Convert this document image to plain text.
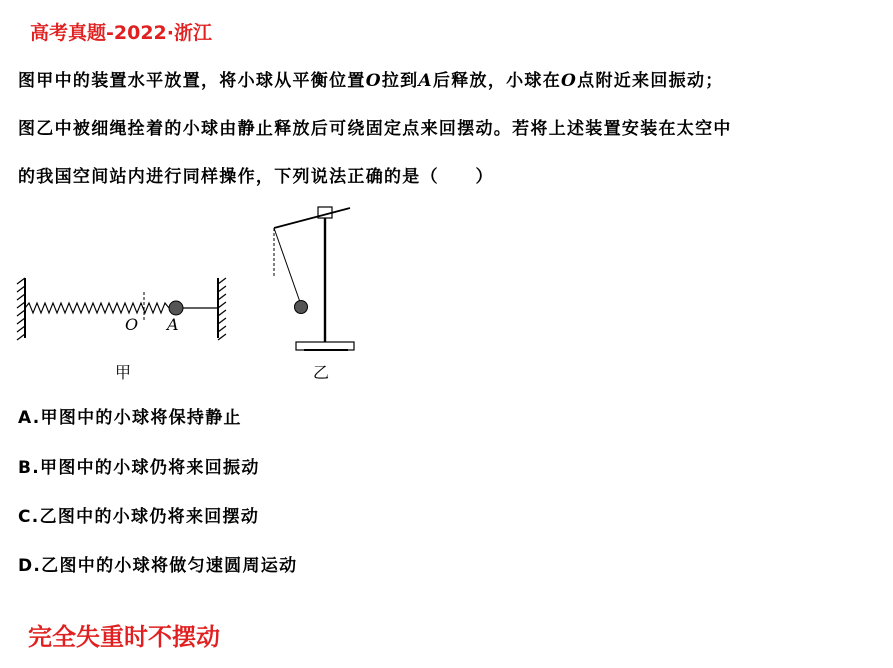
高考真题-2022·浙江
图甲中的装置水平放置，将小球从平衡位置O拉到A后释放，小球在O点附近来回振动；
图乙中被细绳拴着的小球由静止释放后可绕固定点来回摆动。若将上述装置安装在太空中
的我国空间站内进行同样操作，下列说法正确的是（　　）
O A
甲	乙
A.甲图中的小球将保持静止
B.甲图中的小球仍将来回振动
C.乙图中的小球仍将来回摆动
D.乙图中的小球将做匀速圆周运动
完全失重时不摆动
